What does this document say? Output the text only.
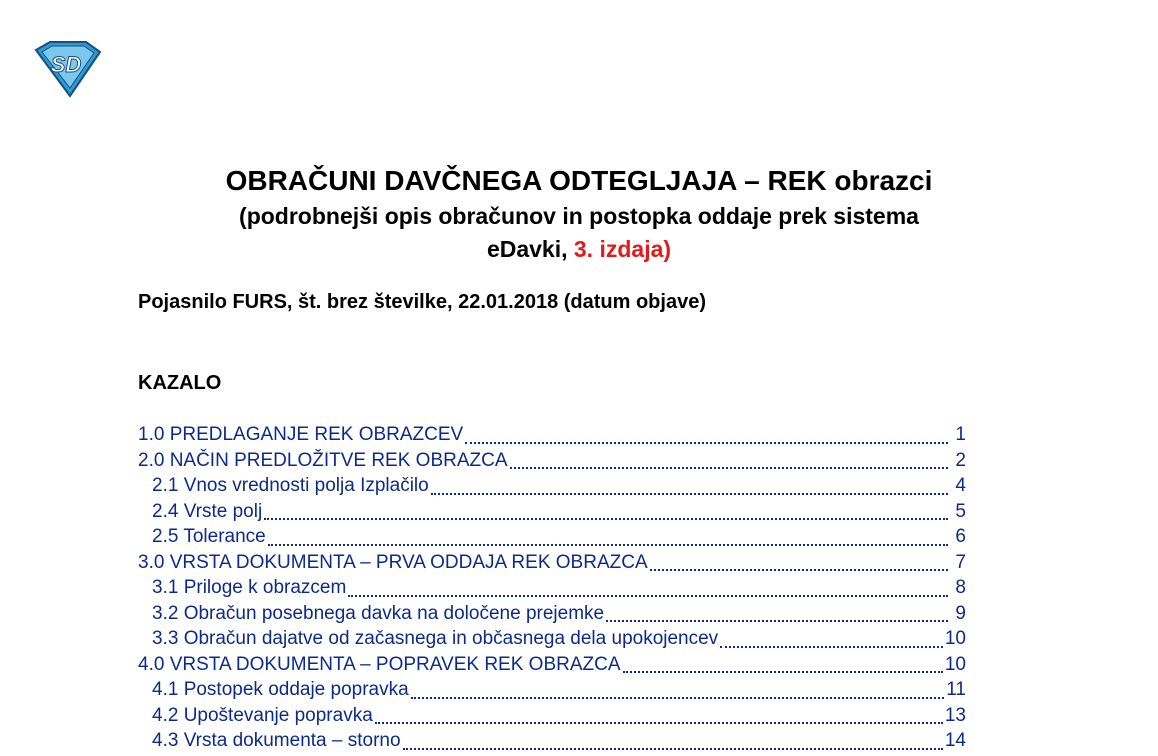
SD
OBRAČUNI DAVČNEGA ODTEGLJAJA – REK obrazci
(podrobnejši opis obračunov in postopka oddaje prek sistema
eDavki, 3. izdaja)
Pojasnilo FURS, št. brez številke, 22.01.2018 (datum objave)
KAZALO
1.0 PREDLAGANJE REK OBRAZCEV	1
2.0 NAČIN PREDLOŽITVE REK OBRAZCA	2
2.1 Vnos vrednosti polja Izplačilo	4
2.4 Vrste polj	5
2.5 Tolerance	6
3.0 VRSTA DOKUMENTA – PRVA ODDAJA REK OBRAZCA	7
3.1 Priloge k obrazcem	8
3.2 Obračun posebnega davka na določene prejemke	9
3.3 Obračun dajatve od začasnega in občasnega dela upokojencev	10
4.0 VRSTA DOKUMENTA – POPRAVEK REK OBRAZCA	10
4.1 Postopek oddaje popravka	11
4.2 Upoštevanje popravka	13
4.3 Vrsta dokumenta – storno	14
